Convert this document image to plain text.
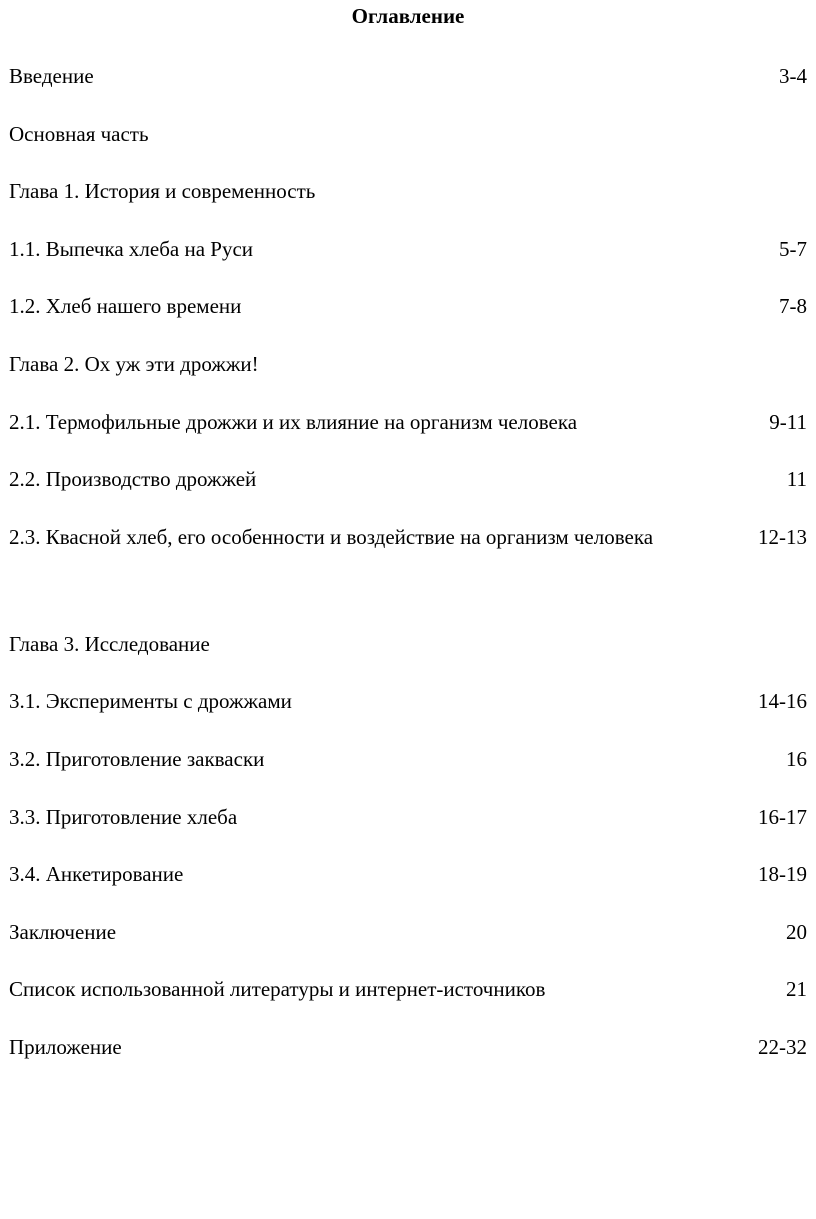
Оглавление
Введение	3-4
Основная часть
Глава 1. История и современность
1.1. Выпечка хлеба на Руси	5-7
1.2. Хлеб нашего времени	7-8
Глава 2. Ох уж эти дрожжи!
2.1. Термофильные дрожжи и их влияние на организм человека	9-11
2.2. Производство дрожжей	11
2.3. Квасной хлеб, его особенности и воздействие на организм человека	12-13
Глава 3. Исследование
3.1. Эксперименты с дрожжами	14-16
3.2. Приготовление закваски	16
3.3. Приготовление хлеба	16-17
3.4. Анкетирование	18-19
Заключение	20
Список использованной литературы и интернет-источников	21
Приложение	22-32
